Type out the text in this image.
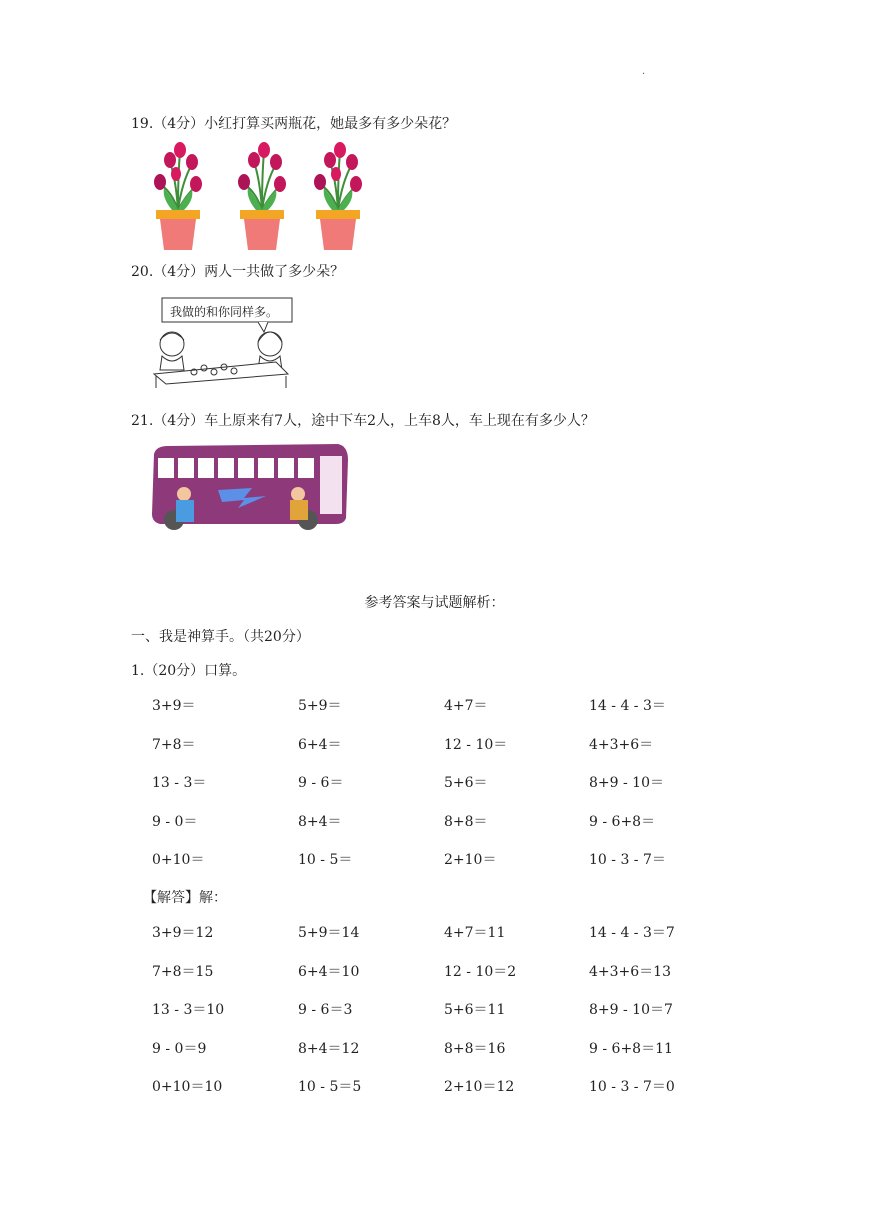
.
19.（4分）小红打算买两瓶花，她最多有多少朵花？
20.（4分）两人一共做了多少朵？
我做的和你同样多。
21.（4分）车上原来有7人，途中下车2人，上车8人，车上现在有多少人？
参考答案与试题解析：
一、我是神算手。（共20分）
1.（20分）口算。
3+9＝	5+9＝	4+7＝	14 - 4 - 3＝
7+8＝	6+4＝	12 - 10＝	4+3+6＝
13 - 3＝	9 - 6＝	5+6＝	8+9 - 10＝
9 - 0＝	8+4＝	8+8＝	9 - 6+8＝
0+10＝	10 - 5＝	2+10＝	10 - 3 - 7＝
【解答】解：
3+9＝12	5+9＝14	4+7＝11	14 - 4 - 3＝7
7+8＝15	6+4＝10	12 - 10＝2	4+3+6＝13
13 - 3＝10	9 - 6＝3	5+6＝11	8+9 - 10＝7
9 - 0＝9	8+4＝12	8+8＝16	9 - 6+8＝11
0+10＝10	10 - 5＝5	2+10＝12	10 - 3 - 7＝0
